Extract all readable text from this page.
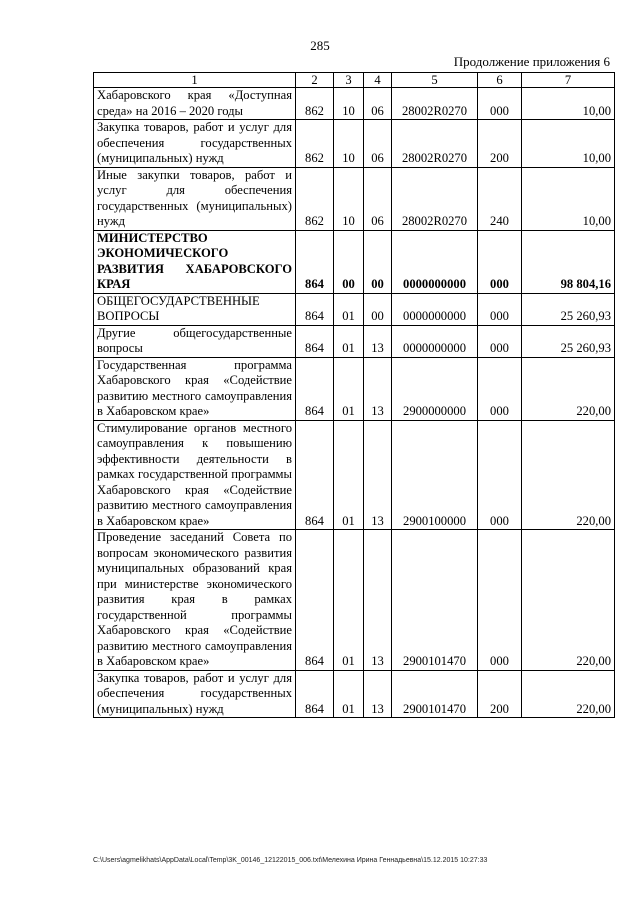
285
Продолжение приложения 6
1	2	3	4	5	6	7
Хабаровского края «Доступная среда» на 2016 – 2020 годы	862	10	06	28002R0270	000	10,00
Закупка товаров, работ и услуг для обеспечения государственных (муниципальных) нужд	862	10	06	28002R0270	200	10,00
Иные закупки товаров, работ и услуг для обеспечения государственных (муниципальных) нужд	862	10	06	28002R0270	240	10,00
МИНИСТЕРСТВО ЭКОНОМИЧЕСКОГО РАЗВИТИЯ ХАБАРОВСКОГО КРАЯ	864	00	00	0000000000	000	98 804,16
ОБЩЕГОСУДАРСТВЕННЫЕ ВОПРОСЫ	864	01	00	0000000000	000	25 260,93
Другие общегосударственные вопросы	864	01	13	0000000000	000	25 260,93
Государственная программа Хабаровского края «Содействие развитию местного самоуправления в Хабаровском крае»	864	01	13	2900000000	000	220,00
Стимулирование органов местного самоуправления к повышению эффективности деятельности в рамках государственной программы Хабаровского края «Содействие развитию местного самоуправления в Хабаровском крае»	864	01	13	2900100000	000	220,00
Проведение заседаний Совета по вопросам экономического развития муниципальных образований края при министерстве экономического развития края в рамках государственной программы Хабаровского края «Содействие развитию местного самоуправления в Хабаровском крае»	864	01	13	2900101470	000	220,00
Закупка товаров, работ и услуг для обеспечения государственных (муниципальных) нужд	864	01	13	2900101470	200	220,00
C:\Users\agmelikhats\AppData\Local\Temp\3K_00146_12122015_006.txt\Мелехина Ирина Геннадьевна\15.12.2015 10:27:33
